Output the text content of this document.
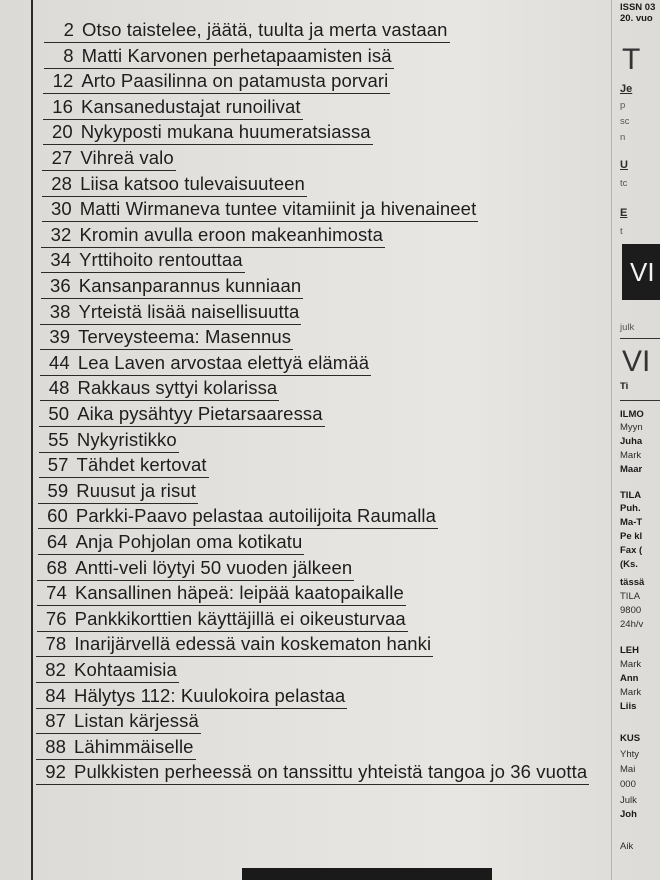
2 Otso taistelee, jäätä, tuulta ja merta vastaan
8 Matti Karvonen perhetapaamisten isä
12 Arto Paasilinna on patamusta porvari
16 Kansanedustajat runoilivat
20 Nykyposti mukana huumeratsiassa
27 Vihreä valo
28 Liisa katsoo tulevaisuuteen
30 Matti Wirmaneva tuntee vitamiinit ja hivenaineet
32 Kromin avulla eroon makeanhimosta
34 Yrttihoito rentouttaa
36 Kansanparannus kunniaan
38 Yrteistä lisää naisellisuutta
39 Terveysteema: Masennus
44 Lea Laven arvostaa elettyä elämää
48 Rakkaus syttyi kolarissa
50 Aika pysähtyy Pietarsaaressa
55 Nykyristikko
57 Tähdet kertovat
59 Ruusut ja risut
60 Parkki-Paavo pelastaa autoilijoita Raumalla
64 Anja Pohjolan oma kotikatu
68 Antti-veli löytyi 50 vuoden jälkeen
74 Kansallinen häpeä: leipää kaatopaikalle
76 Pankkikorttien käyttäjillä ei oikeusturvaa
78 Inarijärvellä edessä vain koskematon hanki
82 Kohtaamisia
84 Hälytys 112: Kuulokoira pelastaa
87 Listan kärjessä
88 Lähimmäiselle
92 Pulkkisten perheessä on tanssittu yhteistä tangoa jo 36 vuotta
ISSN 03
20. vuo
T
Je
p
sc
n
U
tc
E
t
julk
VI
Ti
ILMO
Myyn
Juha
Mark
Maar
TILA
Puh.
Ma-T
Pe kl
Fax (
(Ks.
tässä
TILA
9800
24h/v
LEH
Mark
Ann
Mark
Liis
KUS
Yhty
Mai
000
Julk
Joh
Aik
VI
